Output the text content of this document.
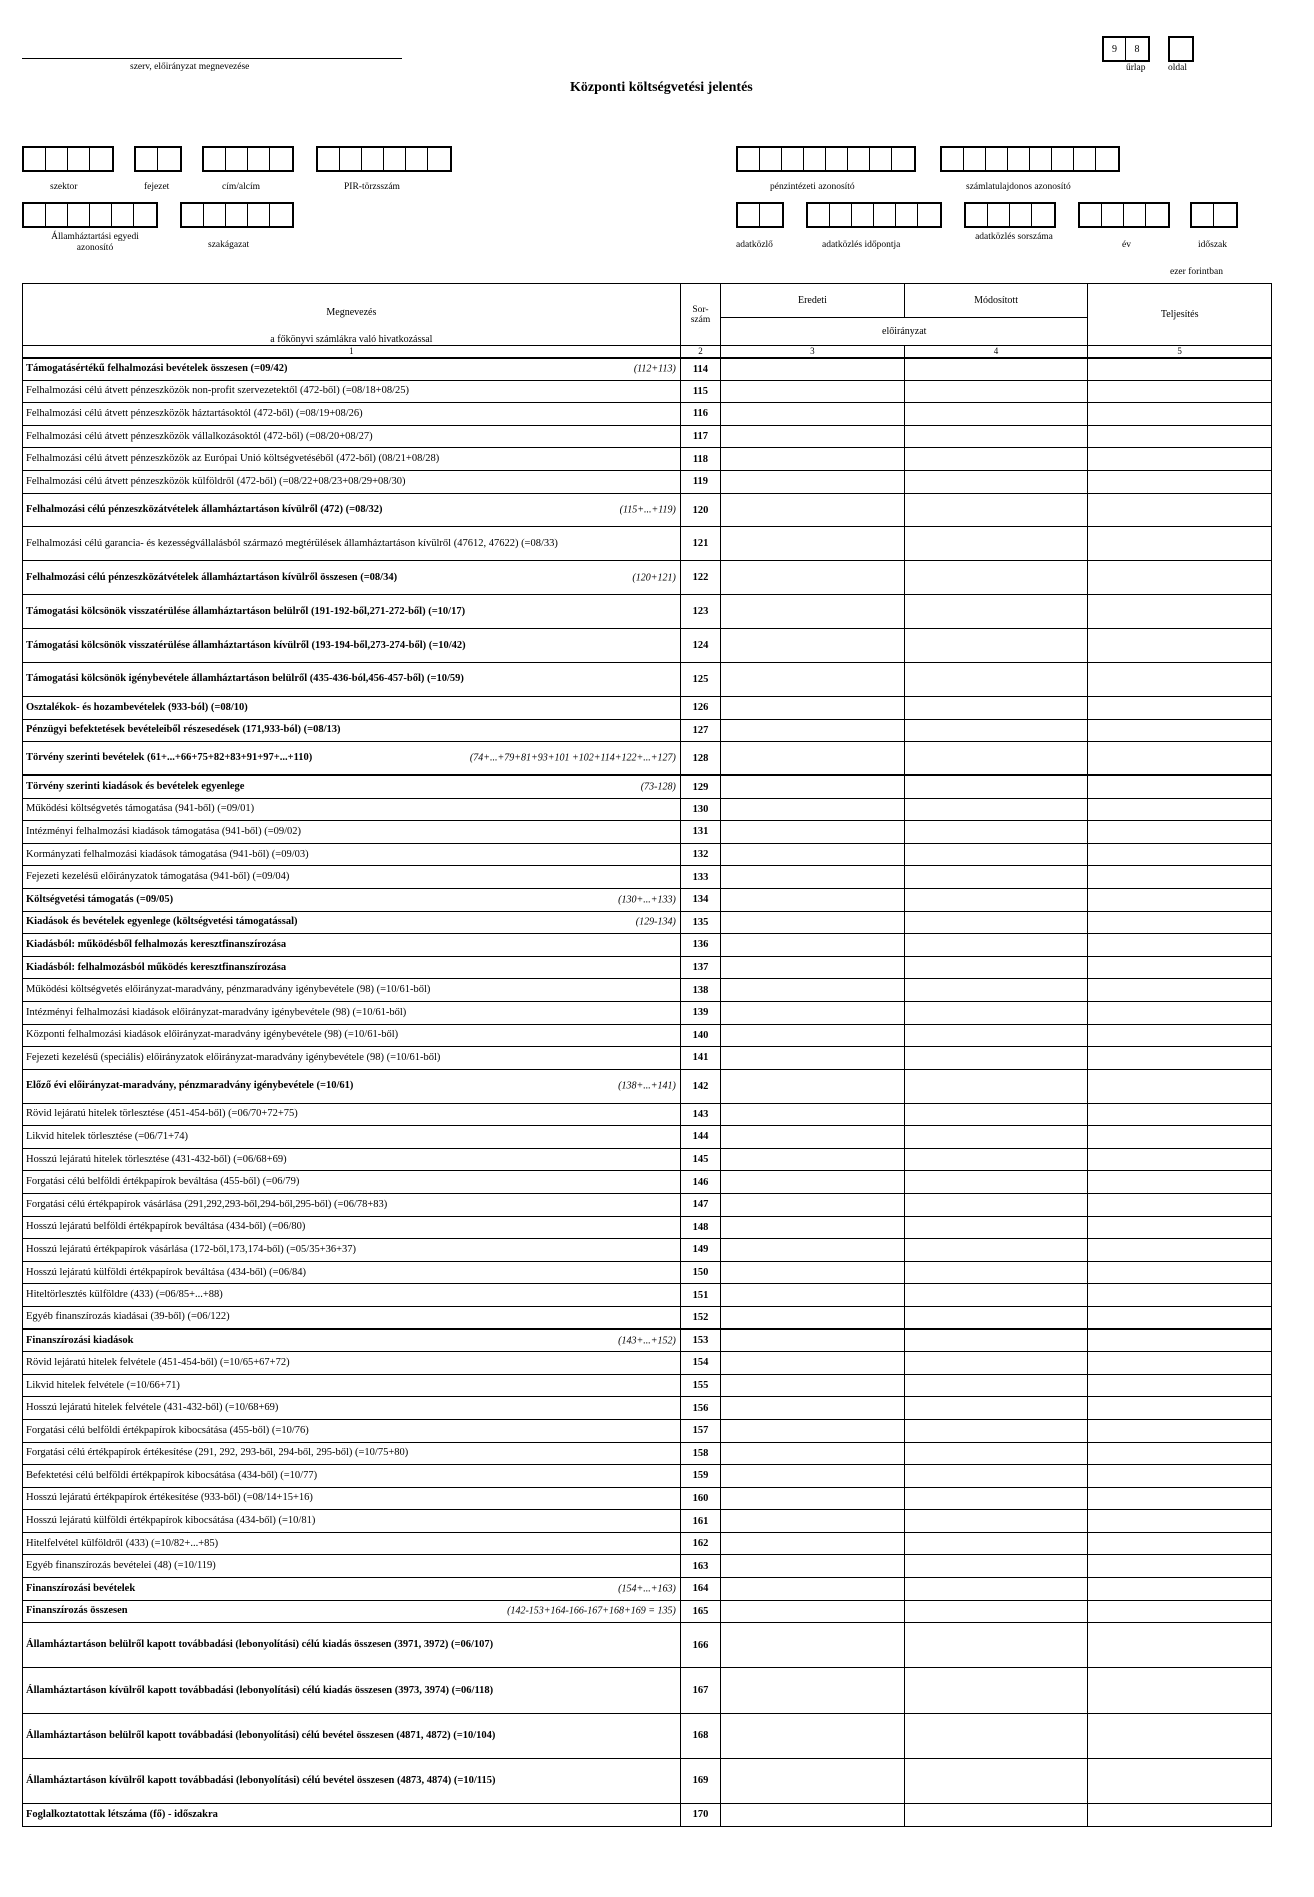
szerv, előirányzat megnevezése
Központi költségvetési jelentés
9	8
űrlap oldal
szektor	fejezet	cím/alcím	PIR-törzsszám	pénzintézeti azonosító	számlatulajdonos azonosító
Államháztartási egyedi azonosító	szakágazat	adatközlő	adatközlés időpontja
adatközlés sorszáma
év	időszak
ezer forintban
Megnevezés	Sor-szám	Eredeti	Módosított	Teljesítés
a főkönyvi számlákra való hivatkozással		előirányzat		
1	2	3	4	5

Támogatásértékű felhalmozási bevételek összesen (=09/42) (112+113)	114			

Felhalmozási célú átvett pénzeszközök non-profit szervezetektől (472-ből) (=08/18+08/25)	115			

Felhalmozási célú átvett pénzeszközök háztartásoktól (472-ből) (=08/19+08/26)	116			

Felhalmozási célú átvett pénzeszközök vállalkozásoktól (472-ből) (=08/20+08/27)	117			

Felhalmozási célú átvett pénzeszközök az Európai Unió költségvetéséből (472-ből) (08/21+08/28)	118			

Felhalmozási célú átvett pénzeszközök külföldről (472-ből) (=08/22+08/23+08/29+08/30)	119			

Felhalmozási célú pénzeszközátvételek államháztartáson kívülről (472) (=08/32) (115+...+119)	120			

Felhalmozási célú garancia- és kezességvállalásból származó megtérülések államháztartáson kívülről (47612, 47622) (=08/33)	121			

Felhalmozási célú pénzeszközátvételek államháztartáson kívülről összesen (=08/34) (120+121)	122			

Támogatási kölcsönök visszatérülése államháztartáson belülről (191-192-ből,271-272-ből) (=10/17)	123			

Támogatási kölcsönök visszatérülése államháztartáson kívülről (193-194-ből,273-274-ből) (=10/42)	124			

Támogatási kölcsönök igénybevétele államháztartáson belülről (435-436-ból,456-457-ből) (=10/59)	125			

Osztalékok- és hozambevételek (933-ból) (=08/10)	126			

Pénzügyi befektetések bevételeiből részesedések (171,933-ból) (=08/13)	127			

Törvény szerinti bevételek (61+...+66+75+82+83+91+97+...+110) (74+...+79+81+93+101 +102+114+122+...+127)	128			

Törvény szerinti kiadások és bevételek egyenlege (73-128)	129			

Működési költségvetés támogatása (941-ből) (=09/01)	130			

Intézményi felhalmozási kiadások támogatása (941-ből) (=09/02)	131			

Kormányzati felhalmozási kiadások támogatása (941-ből) (=09/03)	132			

Fejezeti kezelésű előirányzatok támogatása (941-ből) (=09/04)	133			

Költségvetési támogatás (=09/05) (130+...+133)	134			

Kiadások és bevételek egyenlege (költségvetési támogatással) (129-134)	135			

Kiadásból: működésből felhalmozás keresztfinanszírozása	136			

Kiadásból: felhalmozásból működés keresztfinanszírozása	137			

Működési költségvetés előirányzat-maradvány, pénzmaradvány igénybevétele (98) (=10/61-ből)	138			

Intézményi felhalmozási kiadások előirányzat-maradvány igénybevétele (98) (=10/61-ből)	139			

Központi felhalmozási kiadások előirányzat-maradvány igénybevétele (98) (=10/61-ből)	140			

Fejezeti kezelésű (speciális) előirányzatok előirányzat-maradvány igénybevétele (98) (=10/61-ből)	141			

Előző évi előirányzat-maradvány, pénzmaradvány igénybevétele (=10/61) (138+...+141)	142			

Rövid lejáratú hitelek törlesztése (451-454-ből) (=06/70+72+75)	143			

Likvid hitelek törlesztése (=06/71+74)	144			

Hosszú lejáratú hitelek törlesztése (431-432-ből) (=06/68+69)	145			

Forgatási célú belföldi értékpapírok beváltása (455-ből) (=06/79)	146			

Forgatási célú értékpapírok vásárlása (291,292,293-ből,294-ből,295-ből) (=06/78+83)	147			

Hosszú lejáratú belföldi értékpapírok beváltása (434-ből) (=06/80)	148			

Hosszú lejáratú értékpapírok vásárlása (172-ből,173,174-ből) (=05/35+36+37)	149			

Hosszú lejáratú külföldi értékpapírok beváltása (434-ből) (=06/84)	150			

Hiteltörlesztés külföldre (433) (=06/85+...+88)	151			

Egyéb finanszírozás kiadásai (39-ből) (=06/122)	152			

Finanszírozási kiadások (143+...+152)	153			

Rövid lejáratú hitelek felvétele (451-454-ből) (=10/65+67+72)	154			

Likvid hitelek felvétele (=10/66+71)	155			

Hosszú lejáratú hitelek felvétele (431-432-ből) (=10/68+69)	156			

Forgatási célú belföldi értékpapírok kibocsátása (455-ből) (=10/76)	157			

Forgatási célú értékpapírok értékesítése (291, 292, 293-ből, 294-ből, 295-ből) (=10/75+80)	158			

Befektetési célú belföldi értékpapírok kibocsátása (434-ből) (=10/77)	159			

Hosszú lejáratú értékpapírok értékesítése (933-ből) (=08/14+15+16)	160			

Hosszú lejáratú külföldi értékpapírok kibocsátása (434-ből) (=10/81)	161			

Hitelfelvétel külföldről (433) (=10/82+...+85)	162			

Egyéb finanszírozás bevételei (48) (=10/119)	163			

Finanszírozási bevételek (154+...+163)	164			

Finanszírozás összesen (142-153+164-166-167+168+169 = 135)	165			

Államháztartáson belülről kapott továbbadási (lebonyolítási) célú kiadás összesen (3971, 3972) (=06/107)	166			

Államháztartáson kívülről kapott továbbadási (lebonyolítási) célú kiadás összesen (3973, 3974) (=06/118)	167			

Államháztartáson belülről kapott továbbadási (lebonyolítási) célú bevétel összesen (4871, 4872) (=10/104)	168			

Államháztartáson kívülről kapott továbbadási (lebonyolítási) célú bevétel összesen (4873, 4874) (=10/115)	169			

Foglalkoztatottak létszáma (fő) - időszakra	170			
